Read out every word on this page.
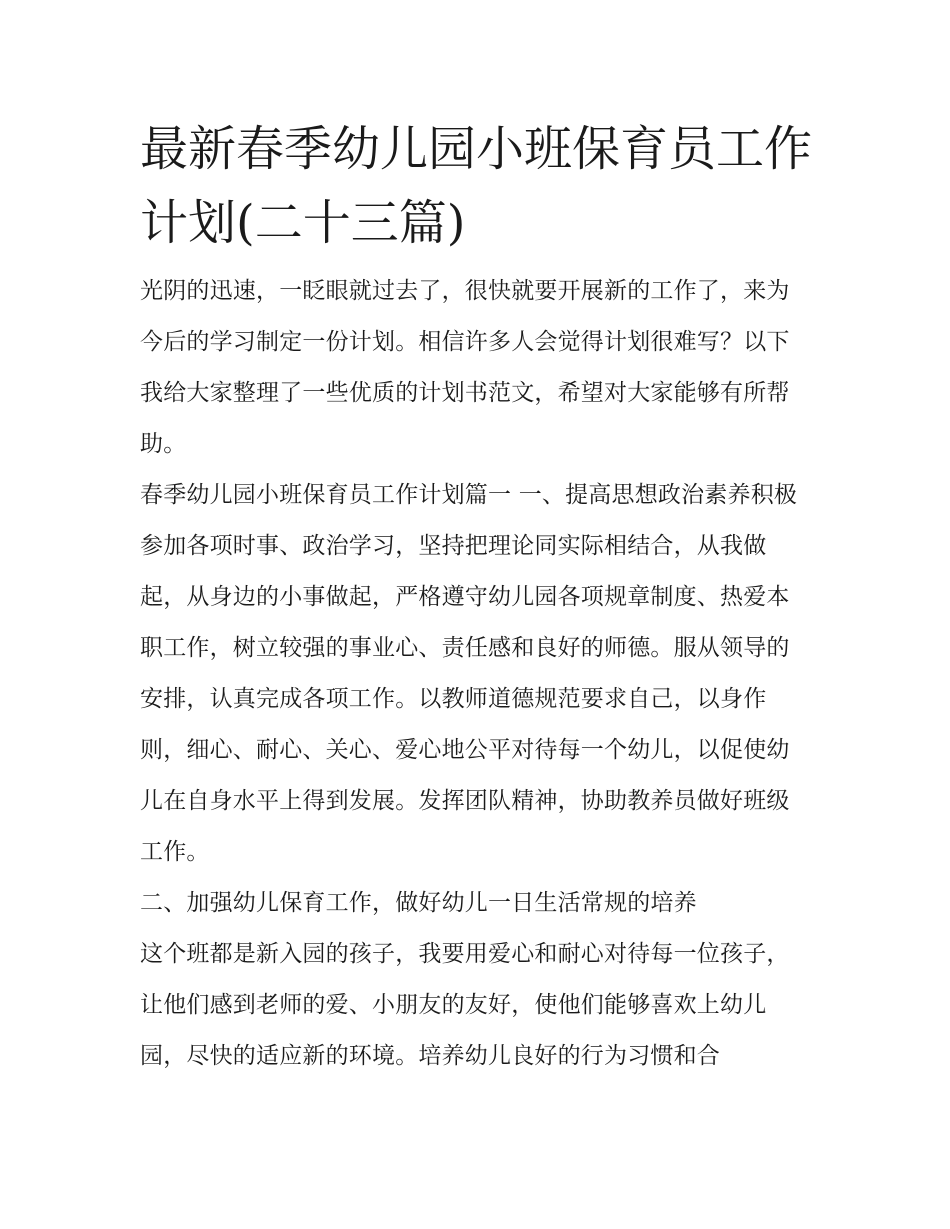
最新春季幼儿园小班保育员工作计划(二十三篇)

光阴的迅速，一眨眼就过去了，很快就要开展新的工作了，来为今后的学习制定一份计划。相信许多人会觉得计划很难写？以下我给大家整理了一些优质的计划书范文，希望对大家能够有所帮助。

春季幼儿园小班保育员工作计划篇一 一、提高思想政治素养积极参加各项时事、政治学习，坚持把理论同实际相结合，从我做起，从身边的小事做起，严格遵守幼儿园各项规章制度、热爱本职工作，树立较强的事业心、责任感和良好的师德。服从领导的安排，认真完成各项工作。以教师道德规范要求自己，以身作则，细心、耐心、关心、爱心地公平对待每一个幼儿，以促使幼儿在自身水平上得到发展。发挥团队精神，协助教养员做好班级工作。

二、加强幼儿保育工作，做好幼儿一日生活常规的培养

这个班都是新入园的孩子，我要用爱心和耐心对待每一位孩子，让他们感到老师的爱、小朋友的友好，使他们能够喜欢上幼儿园，尽快的适应新的环境。培养幼儿良好的行为习惯和合
